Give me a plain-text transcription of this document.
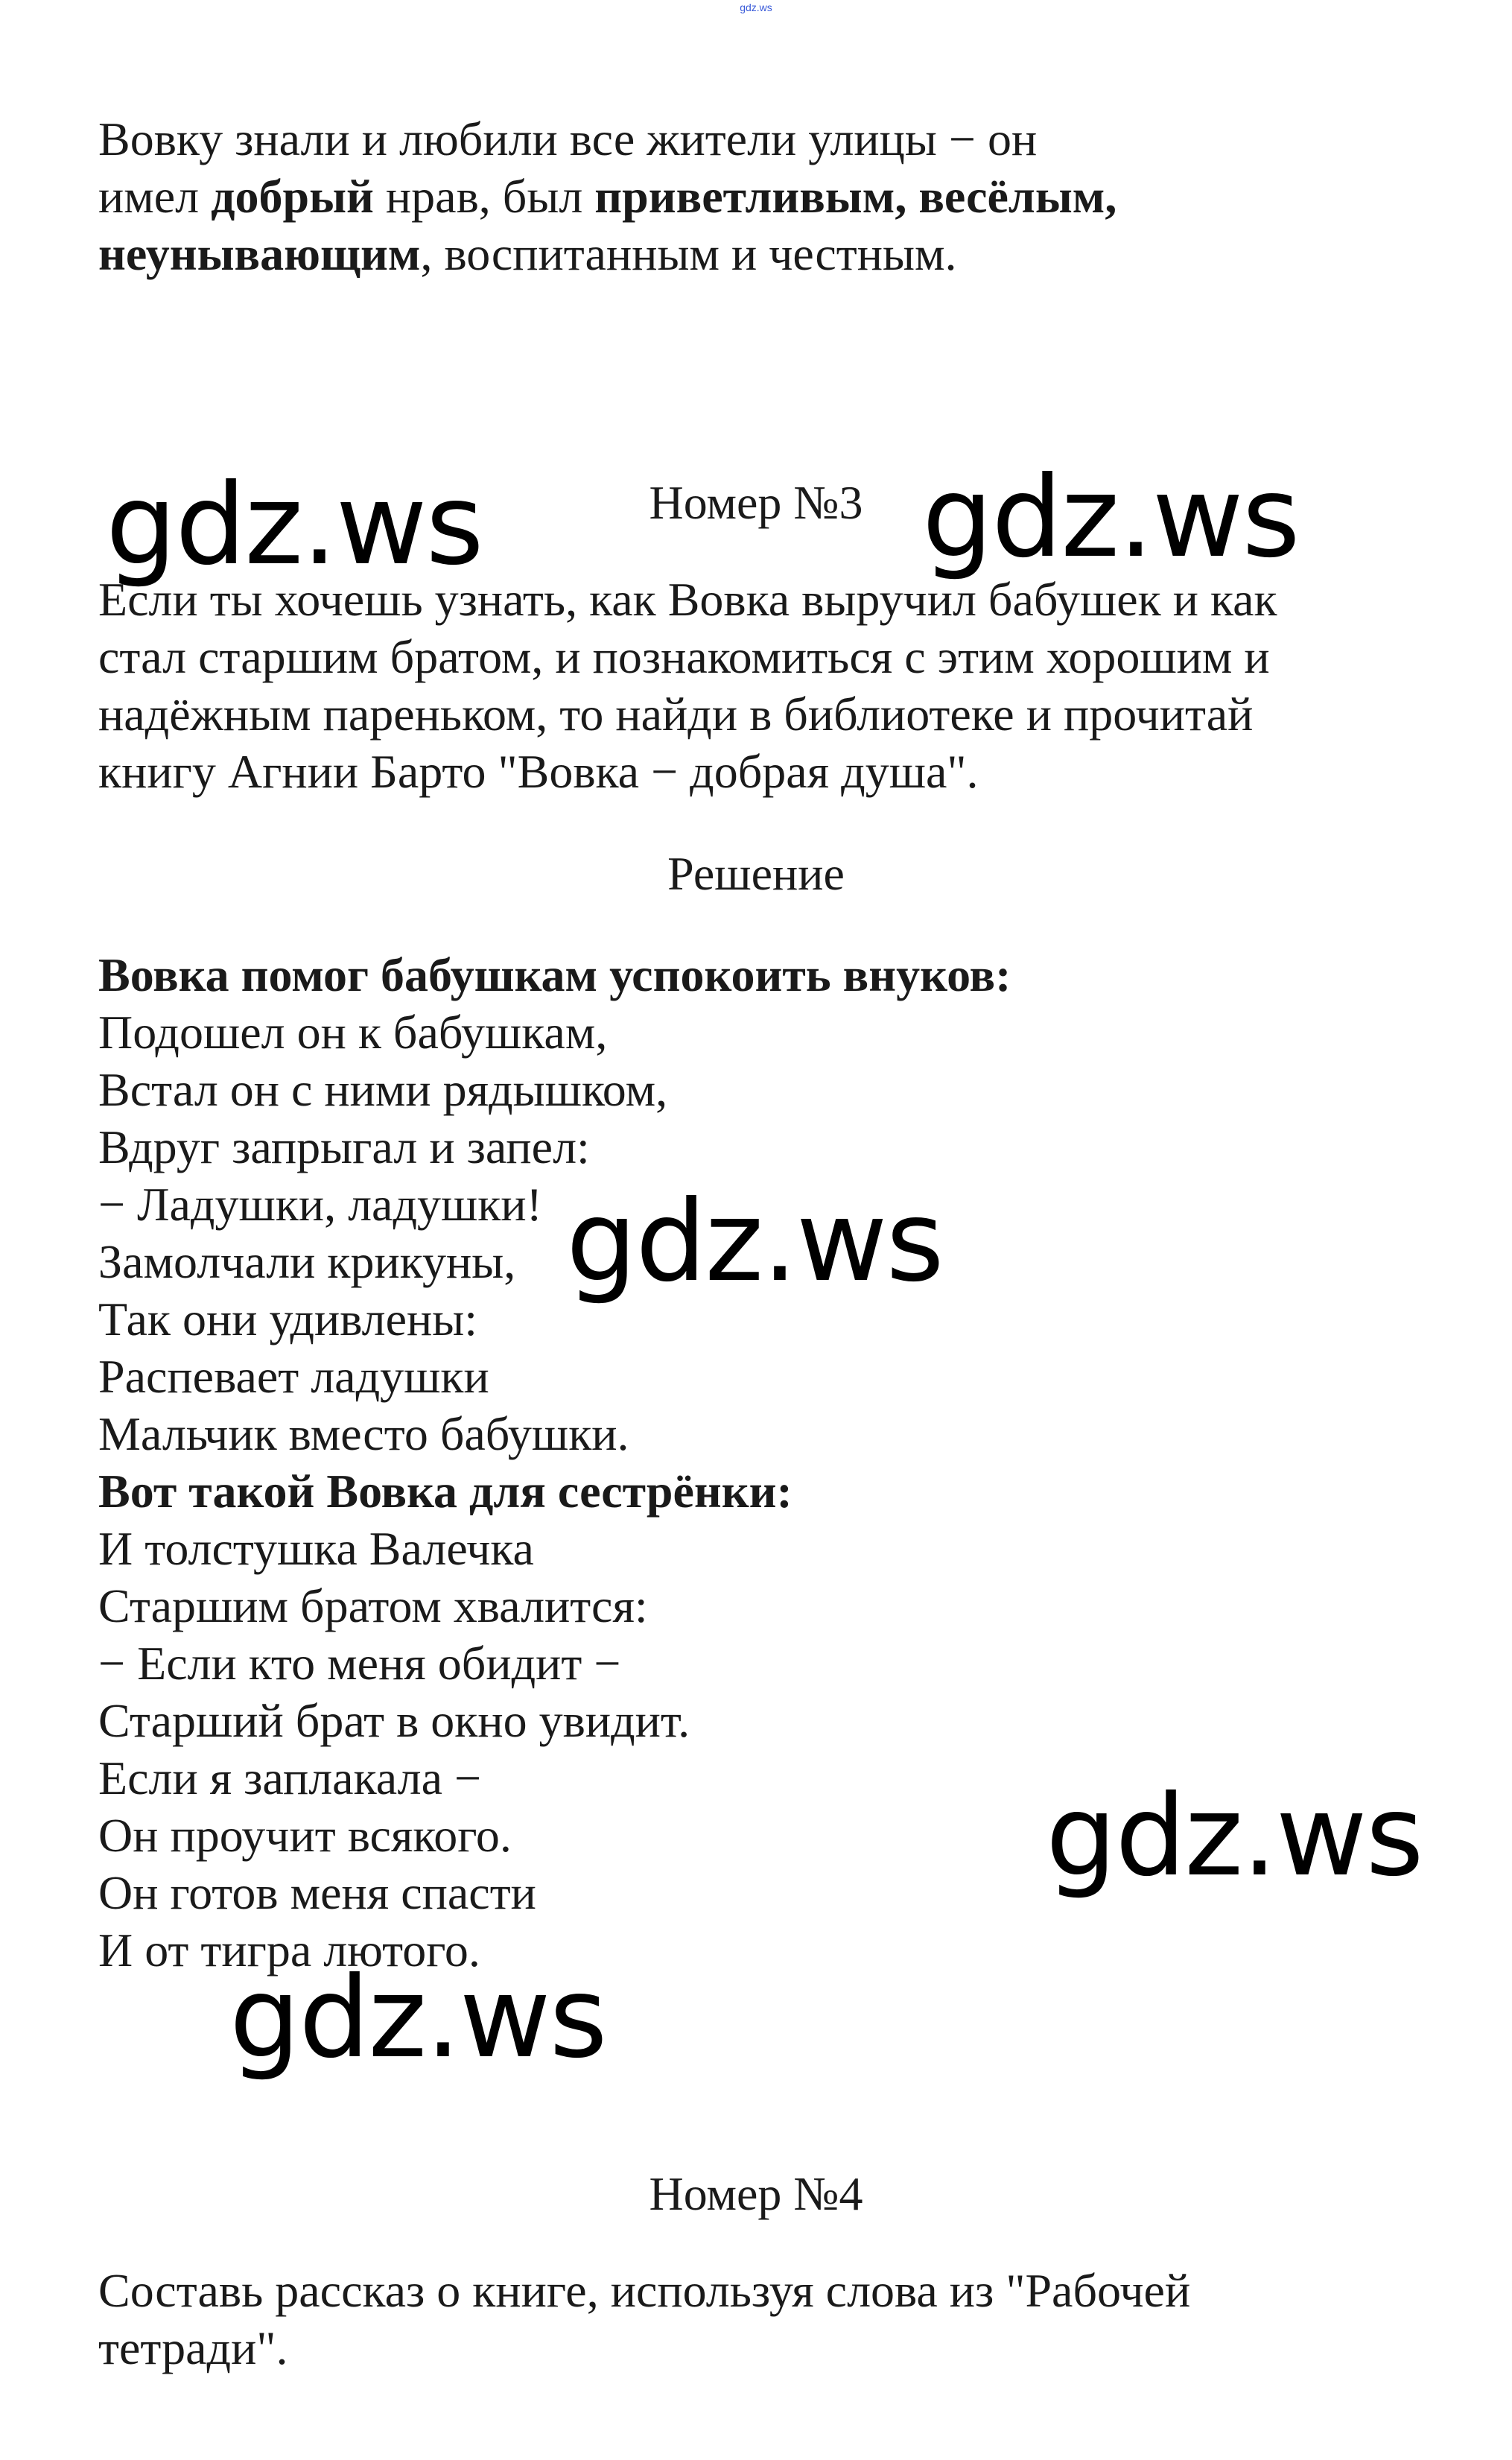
gdz.ws

Вовку знали и любили все жители улицы − он

имел добрый нрав, был приветливым, весёлым,

неунывающим, воспитанным и честным.

Номер №3

Если ты хочешь узнать, как Вовка выручил бабушек и как

стал старшим братом, и познакомиться с этим хорошим и

надёжным пареньком, то найди в библиотеке и прочитай

книгу Агнии Барто "Вовка − добрая душа".

Решение

Вовка помог бабушкам успокоить внуков:

Подошел он к бабушкам,

Встал он с ними рядышком,

Вдруг запрыгал и запел:

− Ладушки, ладушки!

Замолчали крикуны,

Так они удивлены:

Распевает ладушки

Мальчик вместо бабушки.

Вот такой Вовка для сестрёнки:

И толстушка Валечка

Старшим братом хвалится:

− Если кто меня обидит −

Старший брат в окно увидит.

Если я заплакала −

Он проучит всякого.

Он готов меня спасти

И от тигра лютого.

Номер №4

Составь рассказ о книге, используя слова из "Рабочей

тетради".

gdz.ws	gdz.ws
gdz.ws
gdz.ws
gdz.ws
